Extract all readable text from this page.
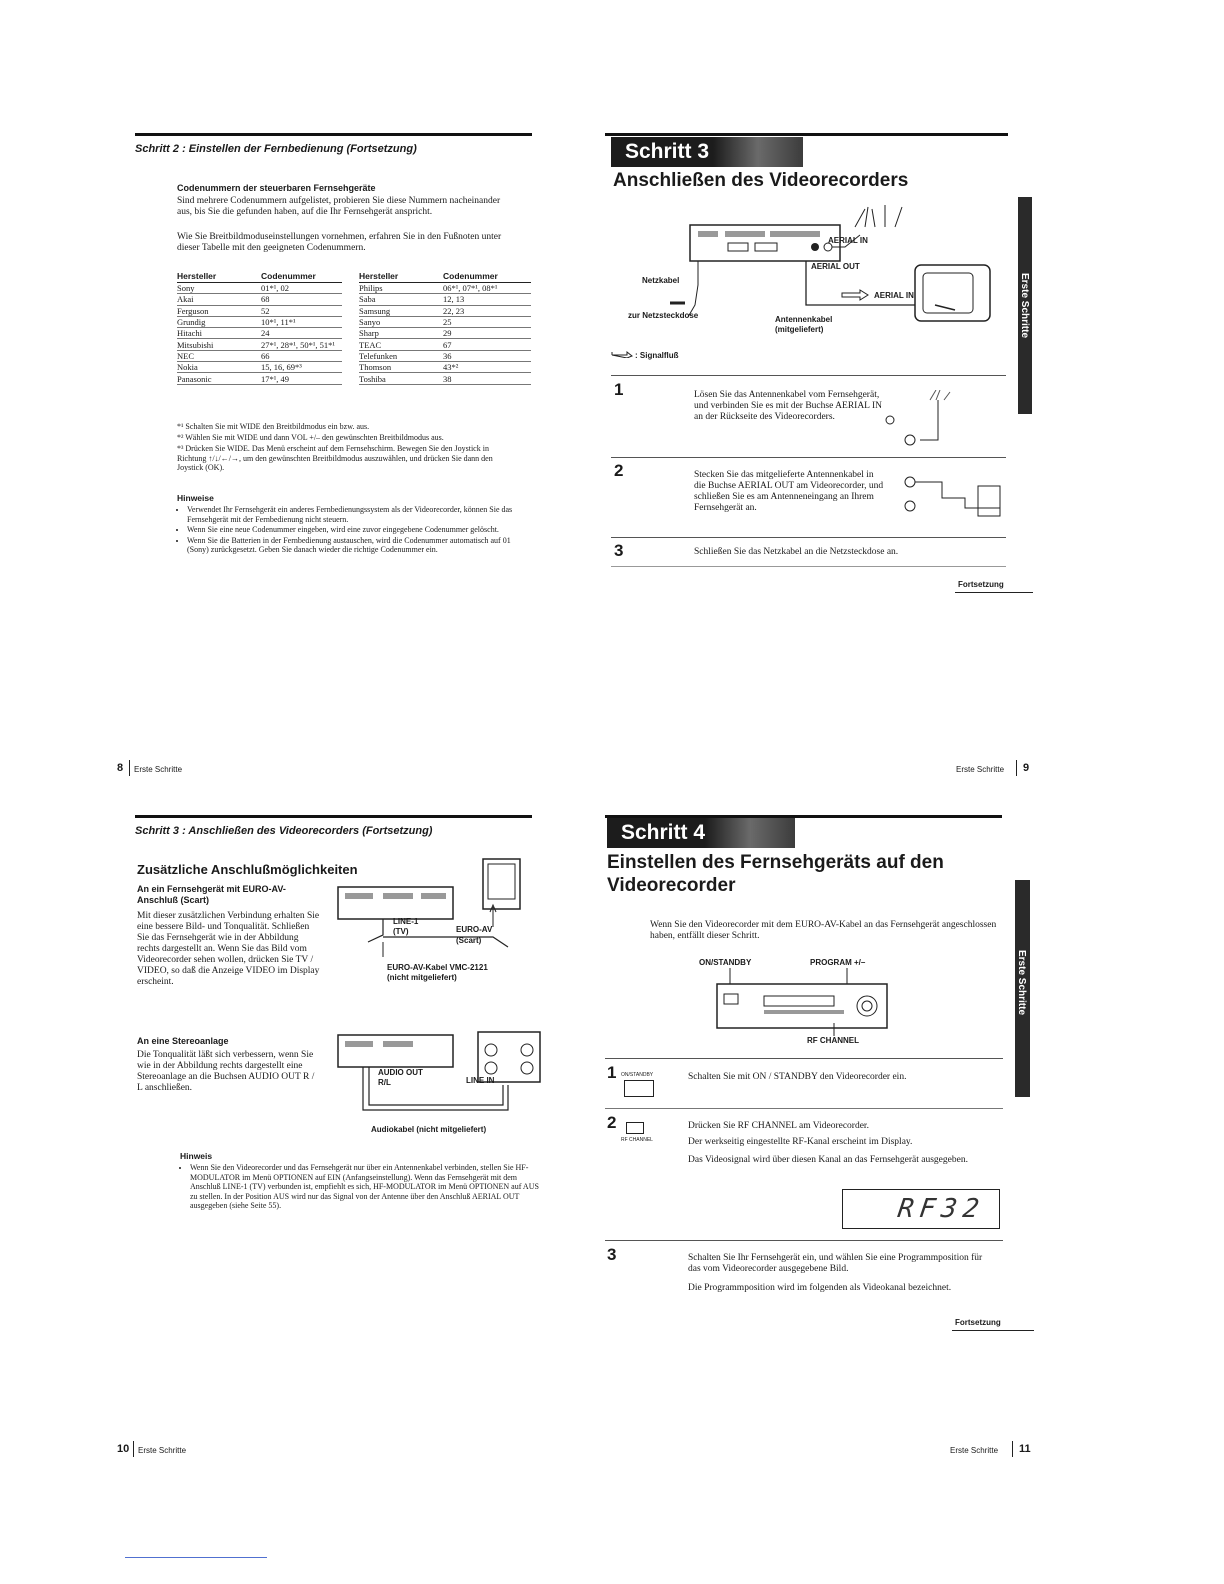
Schritt 2 : Einstellen der Fernbedienung (Fortsetzung)
Codenummern der steuerbaren Fernsehgeräte
Sind mehrere Codenummern aufgelistet, probieren Sie diese Nummern nacheinander aus, bis Sie die gefunden haben, auf die Ihr Fernsehgerät anspricht.
Wie Sie Breitbildmoduseinstellungen vornehmen, erfahren Sie in den Fußnoten unter dieser Tabelle mit den geeigneten Codenummern.
Hersteller	Codenummer
Sony	01*¹, 02
Akai	68
Ferguson	52
Grundig	10*¹, 11*¹
Hitachi	24
Mitsubishi	27*¹, 28*¹, 50*¹, 51*¹
NEC	66
Nokia	15, 16, 69*³
Panasonic	17*¹, 49
Hersteller	Codenummer
Philips	06*¹, 07*¹, 08*¹
Saba	12, 13
Samsung	22, 23
Sanyo	25
Sharp	29
TEAC	67
Telefunken	36
Thomson	43*²
Toshiba	38
*¹ Schalten Sie mit WIDE den Breitbildmodus ein bzw. aus.
*² Wählen Sie mit WIDE und dann VOL +/– den gewünschten Breitbildmodus aus.
*³ Drücken Sie WIDE. Das Menü erscheint auf dem Fernsehschirm. Bewegen Sie den Joystick in Richtung ↑/↓/←/→, um den gewünschten Breitbildmodus auszuwählen, und drücken Sie dann den Joystick (OK).
Hinweise
• Verwendet Ihr Fernsehgerät ein anderes Fernbedienungssystem als der Videorecorder, können Sie das Fernsehgerät mit der Fernbedienung nicht steuern.
• Wenn Sie eine neue Codenummer eingeben, wird eine zuvor eingegebene Codenummer gelöscht.
• Wenn Sie die Batterien in der Fernbedienung austauschen, wird die Codenummer automatisch auf 01 (Sony) zurückgesetzt. Geben Sie danach wieder die richtige Codenummer ein.
8 Erste Schritte
Schritt 3
Anschließen des Videorecorders
Erste Schritte
AERIAL IN
AERIAL OUT
Netzkabel
AERIAL IN
zur Netzsteckdose	Antennenkabel
(mitgeliefert)
: Signalfluß
1	Lösen Sie das Antennenkabel vom Fernsehgerät, und verbinden Sie es mit der Buchse AERIAL IN an der Rückseite des Videorecorders.
2	Stecken Sie das mitgelieferte Antennenkabel in die Buchse AERIAL OUT am Videorecorder, und schließen Sie es am Antenneneingang an Ihrem Fernsehgerät an.
3	Schließen Sie das Netzkabel an die Netzsteckdose an.
Fortsetzung
Erste Schritte 9
Schritt 3 : Anschließen des Videorecorders (Fortsetzung)
Zusätzliche Anschlußmöglichkeiten
An ein Fernsehgerät mit EURO-AV-Anschluß (Scart)
Mit dieser zusätzlichen Verbindung erhalten Sie eine bessere Bild- und Tonqualität. Schließen Sie das Fernsehgerät wie in der Abbildung rechts dargestellt an. Wenn Sie das Bild vom Videorecorder sehen wollen, drücken Sie TV / VIDEO, so daß die Anzeige VIDEO im Display erscheint.
LINE-1
(TV)	EURO-AV
(Scart)
EURO-AV-Kabel VMC-2121
(nicht mitgeliefert)
An eine Stereoanlage
Die Tonqualität läßt sich verbessern, wenn Sie wie in der Abbildung rechts dargestellt eine Stereoanlage an die Buchsen AUDIO OUT R / L anschließen.
AUDIO OUT
R/L	LINE IN
Audiokabel (nicht mitgeliefert)
Hinweis
• Wenn Sie den Videorecorder und das Fernsehgerät nur über ein Antennenkabel verbinden, stellen Sie HF-MODULATOR im Menü OPTIONEN auf EIN (Anfangseinstellung). Wenn das Fernsehgerät mit dem Anschluß LINE-1 (TV) verbunden ist, empfiehlt es sich, HF-MODULATOR im Menü OPTIONEN auf AUS zu stellen. In der Position AUS wird nur das Signal von der Antenne über den Anschluß AERIAL OUT ausgegeben (siehe Seite 55).
10 Erste Schritte
Schritt 4
Einstellen des Fernsehgeräts auf den
Videorecorder
Erste Schritte
Wenn Sie den Videorecorder mit dem EURO-AV-Kabel an das Fernsehgerät angeschlossen haben, entfällt dieser Schritt.
ON/STANDBY	PROGRAM +/–
RF CHANNEL
1 ON/STANDBY	Schalten Sie mit ON / STANDBY den Videorecorder ein.
2
RF CHANNEL
Drücken Sie RF CHANNEL am Videorecorder.
Der werkseitig eingestellte RF-Kanal erscheint im Display.
Das Videosignal wird über diesen Kanal an das Fernsehgerät ausgegeben.
RF32
3	Schalten Sie Ihr Fernsehgerät ein, und wählen Sie eine Programmposition für das vom Videorecorder ausgegebene Bild.
Die Programmposition wird im folgenden als Videokanal bezeichnet.
Fortsetzung
Erste Schritte 11
